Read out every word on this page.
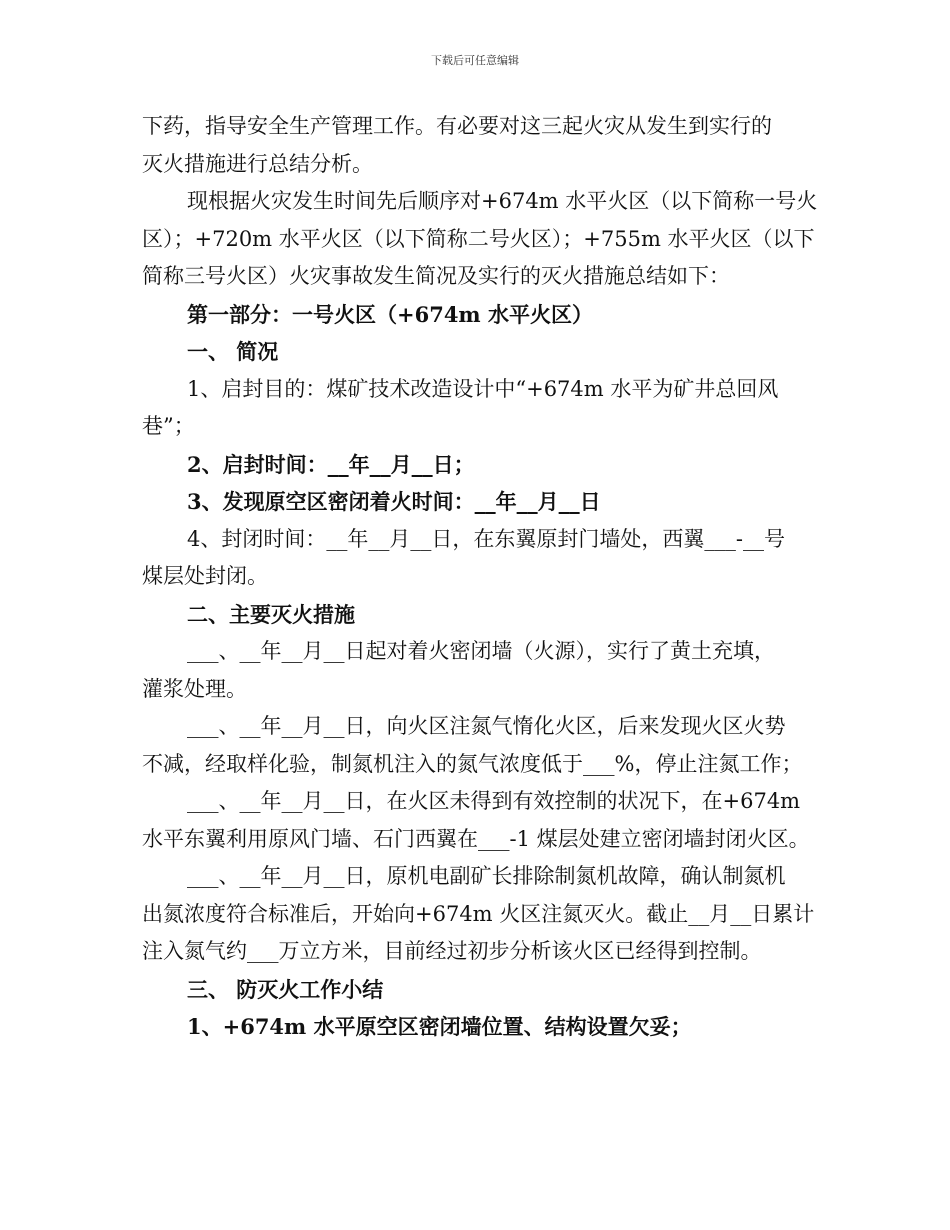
下载后可任意编辑
下药，指导安全生产管理工作。有必要对这三起火灾从发生到实行的
灭火措施进行总结分析。
现根据火灾发生时间先后顺序对+674m 水平火区（以下简称一号火
区）；+720m 水平火区（以下简称二号火区）；+755m 水平火区（以下
简称三号火区）火灾事故发生简况及实行的灭火措施总结如下：
第一部分：一号火区（+674m 水平火区）
一、 简况
1、启封目的：煤矿技术改造设计中“+674m 水平为矿井总回风
巷”；
2、启封时间：__年__月__日；
3、发现原空区密闭着火时间：__年__月__日
4、封闭时间：__年__月__日，在东翼原封门墙处，西翼___-__号
煤层处封闭。
二、主要灭火措施
___、__年__月__日起对着火密闭墙（火源），实行了黄土充填，
灌浆处理。
___、__年__月__日，向火区注氮气惰化火区，后来发现火区火势
不减，经取样化验，制氮机注入的氮气浓度低于___%，停止注氮工作；
___、__年__月__日，在火区未得到有效控制的状况下，在+674m
水平东翼利用原风门墙、石门西翼在___-1 煤层处建立密闭墙封闭火区。
___、__年__月__日，原机电副矿长排除制氮机故障，确认制氮机
出氮浓度符合标准后，开始向+674m 火区注氮灭火。截止__月__日累计
注入氮气约___万立方米，目前经过初步分析该火区已经得到控制。
三、 防灭火工作小结
1、+674m 水平原空区密闭墙位置、结构设置欠妥；
